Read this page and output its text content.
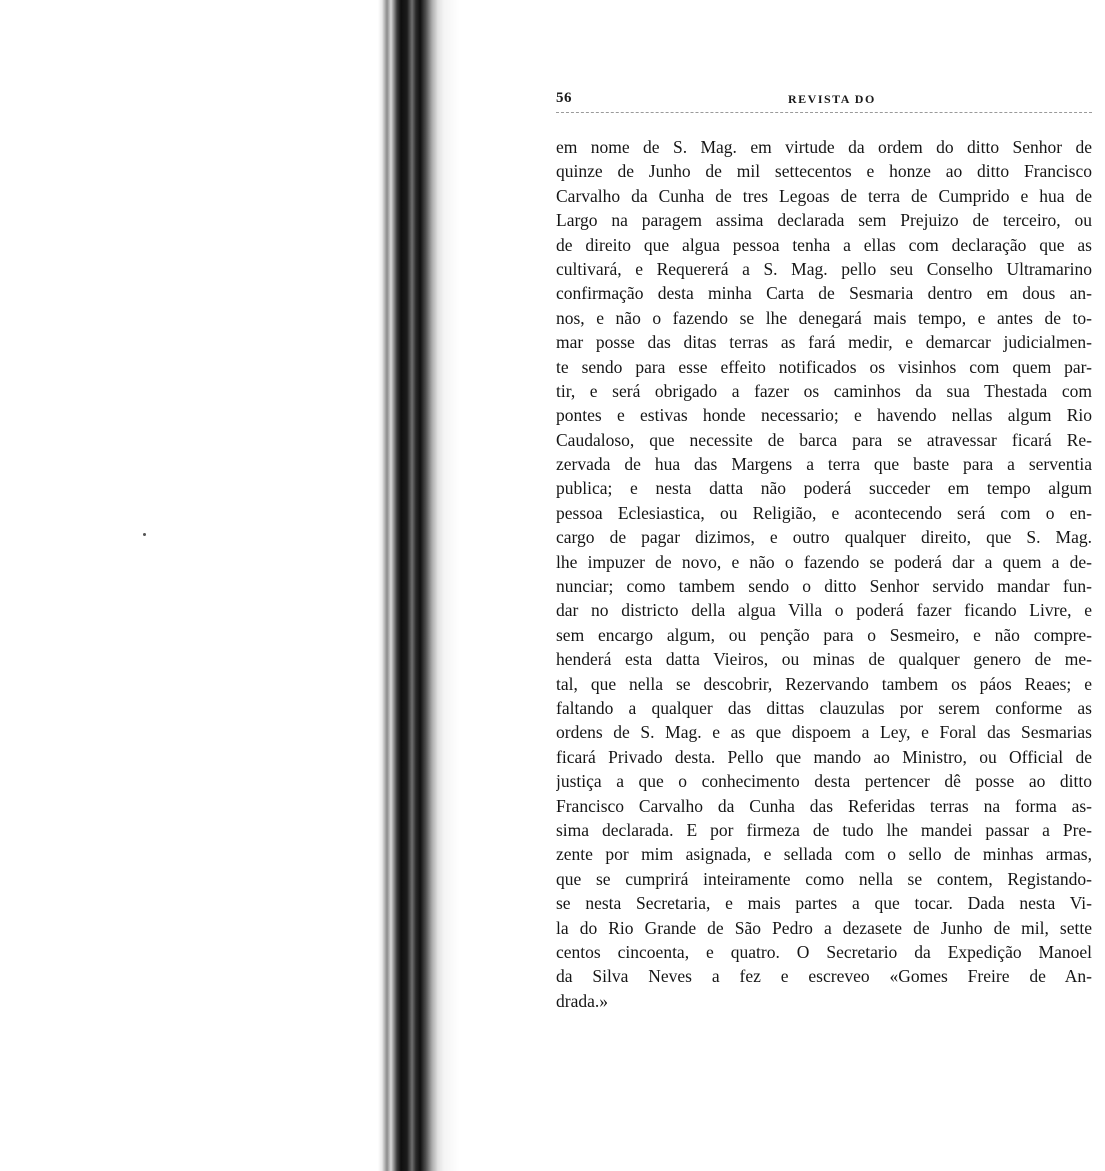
56	REVISTA DO
em nome de S. Mag. em virtude da ordem do ditto Senhor de
quinze de Junho de mil settecentos e honze ao ditto Francisco
Carvalho da Cunha de tres Legoas de terra de Cumprido e hua de
Largo na paragem assima declarada sem Prejuizo de terceiro, ou
de direito que algua pessoa tenha a ellas com declaração que as
cultivará, e Requererá a S. Mag. pello seu Conselho Ultramarino
confirmação desta minha Carta de Sesmaria dentro em dous an-
nos, e não o fazendo se lhe denegará mais tempo, e antes de to-
mar posse das ditas terras as fará medir, e demarcar judicialmen-
te sendo para esse effeito notificados os visinhos com quem par-
tir, e será obrigado a fazer os caminhos da sua Thestada com
pontes e estivas honde necessario; e havendo nellas algum Rio
Caudaloso, que necessite de barca para se atravessar ficará Re-
zervada de hua das Margens a terra que baste para a serventia
publica; e nesta datta não poderá succeder em tempo algum
pessoa Eclesiastica, ou Religião, e acontecendo será com o en-
cargo de pagar dizimos, e outro qualquer direito, que S. Mag.
lhe impuzer de novo, e não o fazendo se poderá dar a quem a de-
nunciar; como tambem sendo o ditto Senhor servido mandar fun-
dar no districto della algua Villa o poderá fazer ficando Livre, e
sem encargo algum, ou penção para o Sesmeiro, e não compre-
henderá esta datta Vieiros, ou minas de qualquer genero de me-
tal, que nella se descobrir, Rezervando tambem os páos Reaes; e
faltando a qualquer das dittas clauzulas por serem conforme as
ordens de S. Mag. e as que dispoem a Ley, e Foral das Sesmarias
ficará Privado desta. Pello que mando ao Ministro, ou Official de
justiça a que o conhecimento desta pertencer dê posse ao ditto
Francisco Carvalho da Cunha das Referidas terras na forma as-
sima declarada. E por firmeza de tudo lhe mandei passar a Pre-
zente por mim asignada, e sellada com o sello de minhas armas,
que se cumprirá inteiramente como nella se contem, Registando-
se nesta Secretaria, e mais partes a que tocar. Dada nesta Vi-
la do Rio Grande de São Pedro a dezasete de Junho de mil, sette
centos cincoenta, e quatro. O Secretario da Expedição Manoel
da Silva Neves a fez e escreveo «Gomes Freire de An-
drada.»
